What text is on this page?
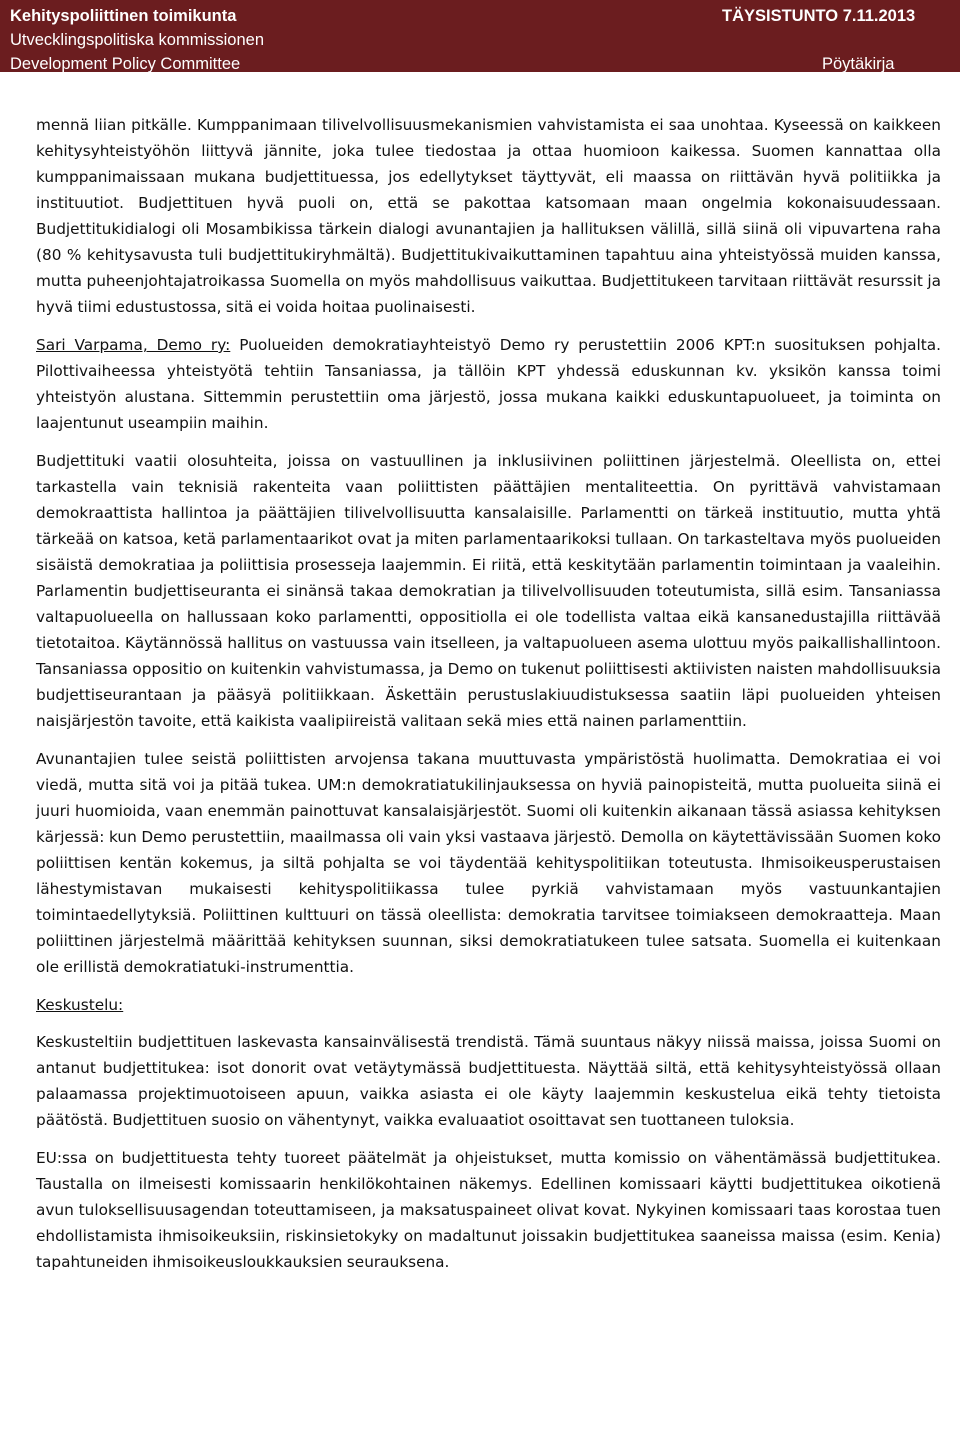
Kehityspoliittinen toimikunta
Utvecklingspolitiska kommissionen
Development Policy Committee
TÄYSISTUNTO 7.11.2013
Pöytäkirja

mennä liian pitkälle. Kumppanimaan tilivelvollisuusmekanismien vahvistamista ei saa unohtaa. Kyseessä on kaikkeen kehitysyhteistyöhön liittyvä jännite, joka tulee tiedostaa ja ottaa huomioon kaikessa. Suomen kannattaa olla kumppanimaissaan mukana budjettituessa, jos edellytykset täyttyvät, eli maassa on riittävän hyvä politiikka ja instituutiot. Budjettituen hyvä puoli on, että se pakottaa katsomaan maan ongelmia kokonaisuudessaan. Budjettitukidialogi oli Mosambikissa tärkein dialogi avunantajien ja hallituksen välillä, sillä siinä oli vipuvartena raha (80 % kehitysavusta tuli budjettitukiryhmältä). Budjettitukivaikuttaminen tapahtuu aina yhteistyössä muiden kanssa, mutta puheenjohtajatroikassa Suomella on myös mahdollisuus vaikuttaa. Budjettitukeen tarvitaan riittävät resurssit ja hyvä tiimi edustustossa, sitä ei voida hoitaa puolinaisesti.

Sari Varpama, Demo ry: Puolueiden demokratiayhteistyö Demo ry perustettiin 2006 KPT:n suosituksen pohjalta. Pilottivaiheessa yhteistyötä tehtiin Tansaniassa, ja tällöin KPT yhdessä eduskunnan kv. yksikön kanssa toimi yhteistyön alustana. Sittemmin perustettiin oma järjestö, jossa mukana kaikki eduskuntapuolueet, ja toiminta on laajentunut useampiin maihin.

Budjettituki vaatii olosuhteita, joissa on vastuullinen ja inklusiivinen poliittinen järjestelmä. Oleellista on, ettei tarkastella vain teknisiä rakenteita vaan poliittisten päättäjien mentaliteettia. On pyrittävä vahvistamaan demokraattista hallintoa ja päättäjien tilivelvollisuutta kansalaisille. Parlamentti on tärkeä instituutio, mutta yhtä tärkeää on katsoa, ketä parlamentaarikot ovat ja miten parlamentaarikoksi tullaan. On tarkasteltava myös puolueiden sisäistä demokratiaa ja poliittisia prosesseja laajemmin. Ei riitä, että keskitytään parlamentin toimintaan ja vaaleihin. Parlamentin budjettiseuranta ei sinänsä takaa demokratian ja tilivelvollisuuden toteutumista, sillä esim. Tansaniassa valtapuolueella on hallussaan koko parlamentti, oppositiolla ei ole todellista valtaa eikä kansanedustajilla riittävää tietotaitoa. Käytännössä hallitus on vastuussa vain itselleen, ja valtapuolueen asema ulottuu myös paikallishallintoon. Tansaniassa oppositio on kuitenkin vahvistumassa, ja Demo on tukenut poliittisesti aktiivisten naisten mahdollisuuksia budjettiseurantaan ja pääsyä politiikkaan. Äskettäin perustuslakiuudistuksessa saatiin läpi puolueiden yhteisen naisjärjestön tavoite, että kaikista vaalipiireistä valitaan sekä mies että nainen parlamenttiin.

Avunantajien tulee seistä poliittisten arvojensa takana muuttuvasta ympäristöstä huolimatta. Demokratiaa ei voi viedä, mutta sitä voi ja pitää tukea. UM:n demokratiatukilinjauksessa on hyviä painopisteitä, mutta puolueita siinä ei juuri huomioida, vaan enemmän painottuvat kansalaisjärjestöt. Suomi oli kuitenkin aikanaan tässä asiassa kehityksen kärjessä: kun Demo perustettiin, maailmassa oli vain yksi vastaava järjestö. Demolla on käytettävissään Suomen koko poliittisen kentän kokemus, ja siltä pohjalta se voi täydentää kehityspolitiikan toteutusta. Ihmisoikeusperustaisen lähestymistavan mukaisesti kehityspolitiikassa tulee pyrkiä vahvistamaan myös vastuunkantajien toimintaedellytyksiä. Poliittinen kulttuuri on tässä oleellista: demokratia tarvitsee toimiakseen demokraatteja. Maan poliittinen järjestelmä määrittää kehityksen suunnan, siksi demokratiatukeen tulee satsata. Suomella ei kuitenkaan ole erillistä demokratiatuki-instrumenttia.

Keskustelu:

Keskusteltiin budjettituen laskevasta kansainvälisestä trendistä. Tämä suuntaus näkyy niissä maissa, joissa Suomi on antanut budjettitukea: isot donorit ovat vetäytymässä budjettituesta. Näyttää siltä, että kehitysyhteistyössä ollaan palaamassa projektimuotoiseen apuun, vaikka asiasta ei ole käyty laajemmin keskustelua eikä tehty tietoista päätöstä. Budjettituen suosio on vähentynyt, vaikka evaluaatiot osoittavat sen tuottaneen tuloksia.

EU:ssa on budjettituesta tehty tuoreet päätelmät ja ohjeistukset, mutta komissio on vähentämässä budjettitukea. Taustalla on ilmeisesti komissaarin henkilökohtainen näkemys. Edellinen komissaari käytti budjettitukea oikotienä avun tuloksellisuusagendan toteuttamiseen, ja maksatuspaineet olivat kovat. Nykyinen komissaari taas korostaa tuen ehdollistamista ihmisoikeuksiin, riskinsietokyky on madaltunut joissakin budjettitukea saaneissa maissa (esim. Kenia) tapahtuneiden ihmisoikeusloukkauksien seurauksena.
